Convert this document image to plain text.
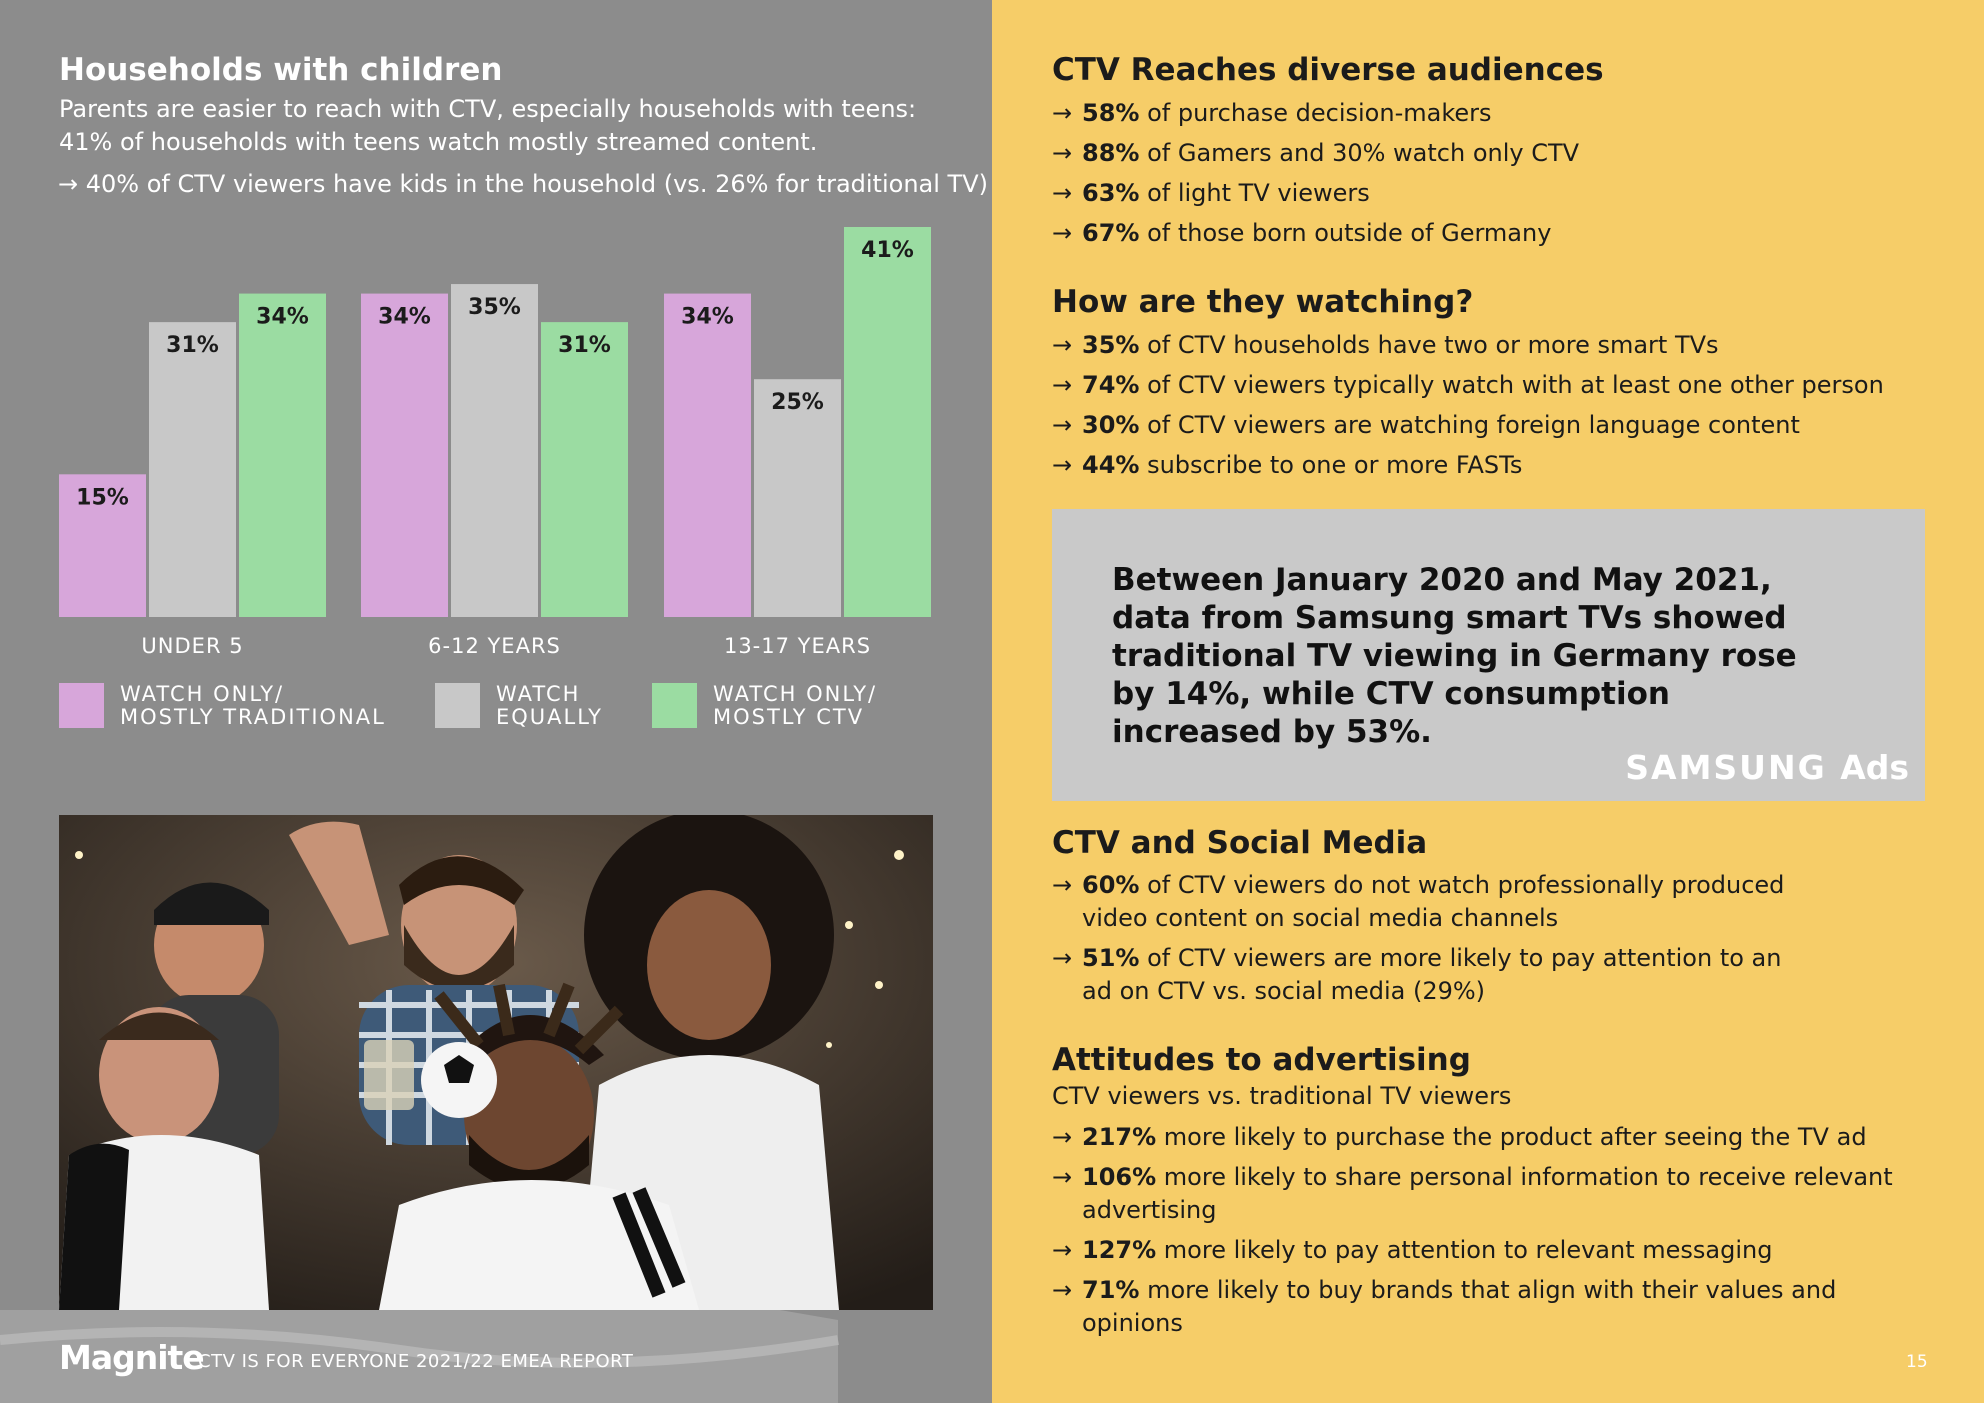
Households with children
Parents are easier to reach with CTV, especially households with teens:
41% of households with teens watch mostly streamed content.
→ 40% of CTV viewers have kids in the household (vs. 26% for traditional TV)
15%
31%
34%
UNDER 5
34% 35%
31%
6-12 YEARS
34%
25%
41%
13-17 YEARS
WATCH ONLY/
MOSTLY TRADITIONAL
WATCH
EQUALLY
WATCH ONLY/
MOSTLY CTV
Magnite
CTV IS FOR EVERYONE 2021/22 EMEA REPORT
CTV Reaches diverse audiences
→ 58% of purchase decision-makers
→ 88% of Gamers and 30% watch only CTV
→ 63% of light TV viewers
→ 67% of those born outside of Germany
How are they watching?
→ 35% of CTV households have two or more smart TVs
→ 74% of CTV viewers typically watch with at least one other person
→ 30% of CTV viewers are watching foreign language content
→ 44% subscribe to one or more FASTs
Between January 2020 and May 2021, data from Samsung smart TVs showed traditional TV viewing in Germany rose by 14%, while CTV consumption increased by 53%.
SAMSUNG Ads
CTV and Social Media
→ 60% of CTV viewers do not watch professionally produced video content on social media channels
→ 51% of CTV viewers are more likely to pay attention to an ad on CTV vs. social media (29%)
Attitudes to advertising
CTV viewers vs. traditional TV viewers
→ 217% more likely to purchase the product after seeing the TV ad
→ 106% more likely to share personal information to receive relevant advertising
→ 127% more likely to pay attention to relevant messaging
→ 71% more likely to buy brands that align with their values and opinions
15
